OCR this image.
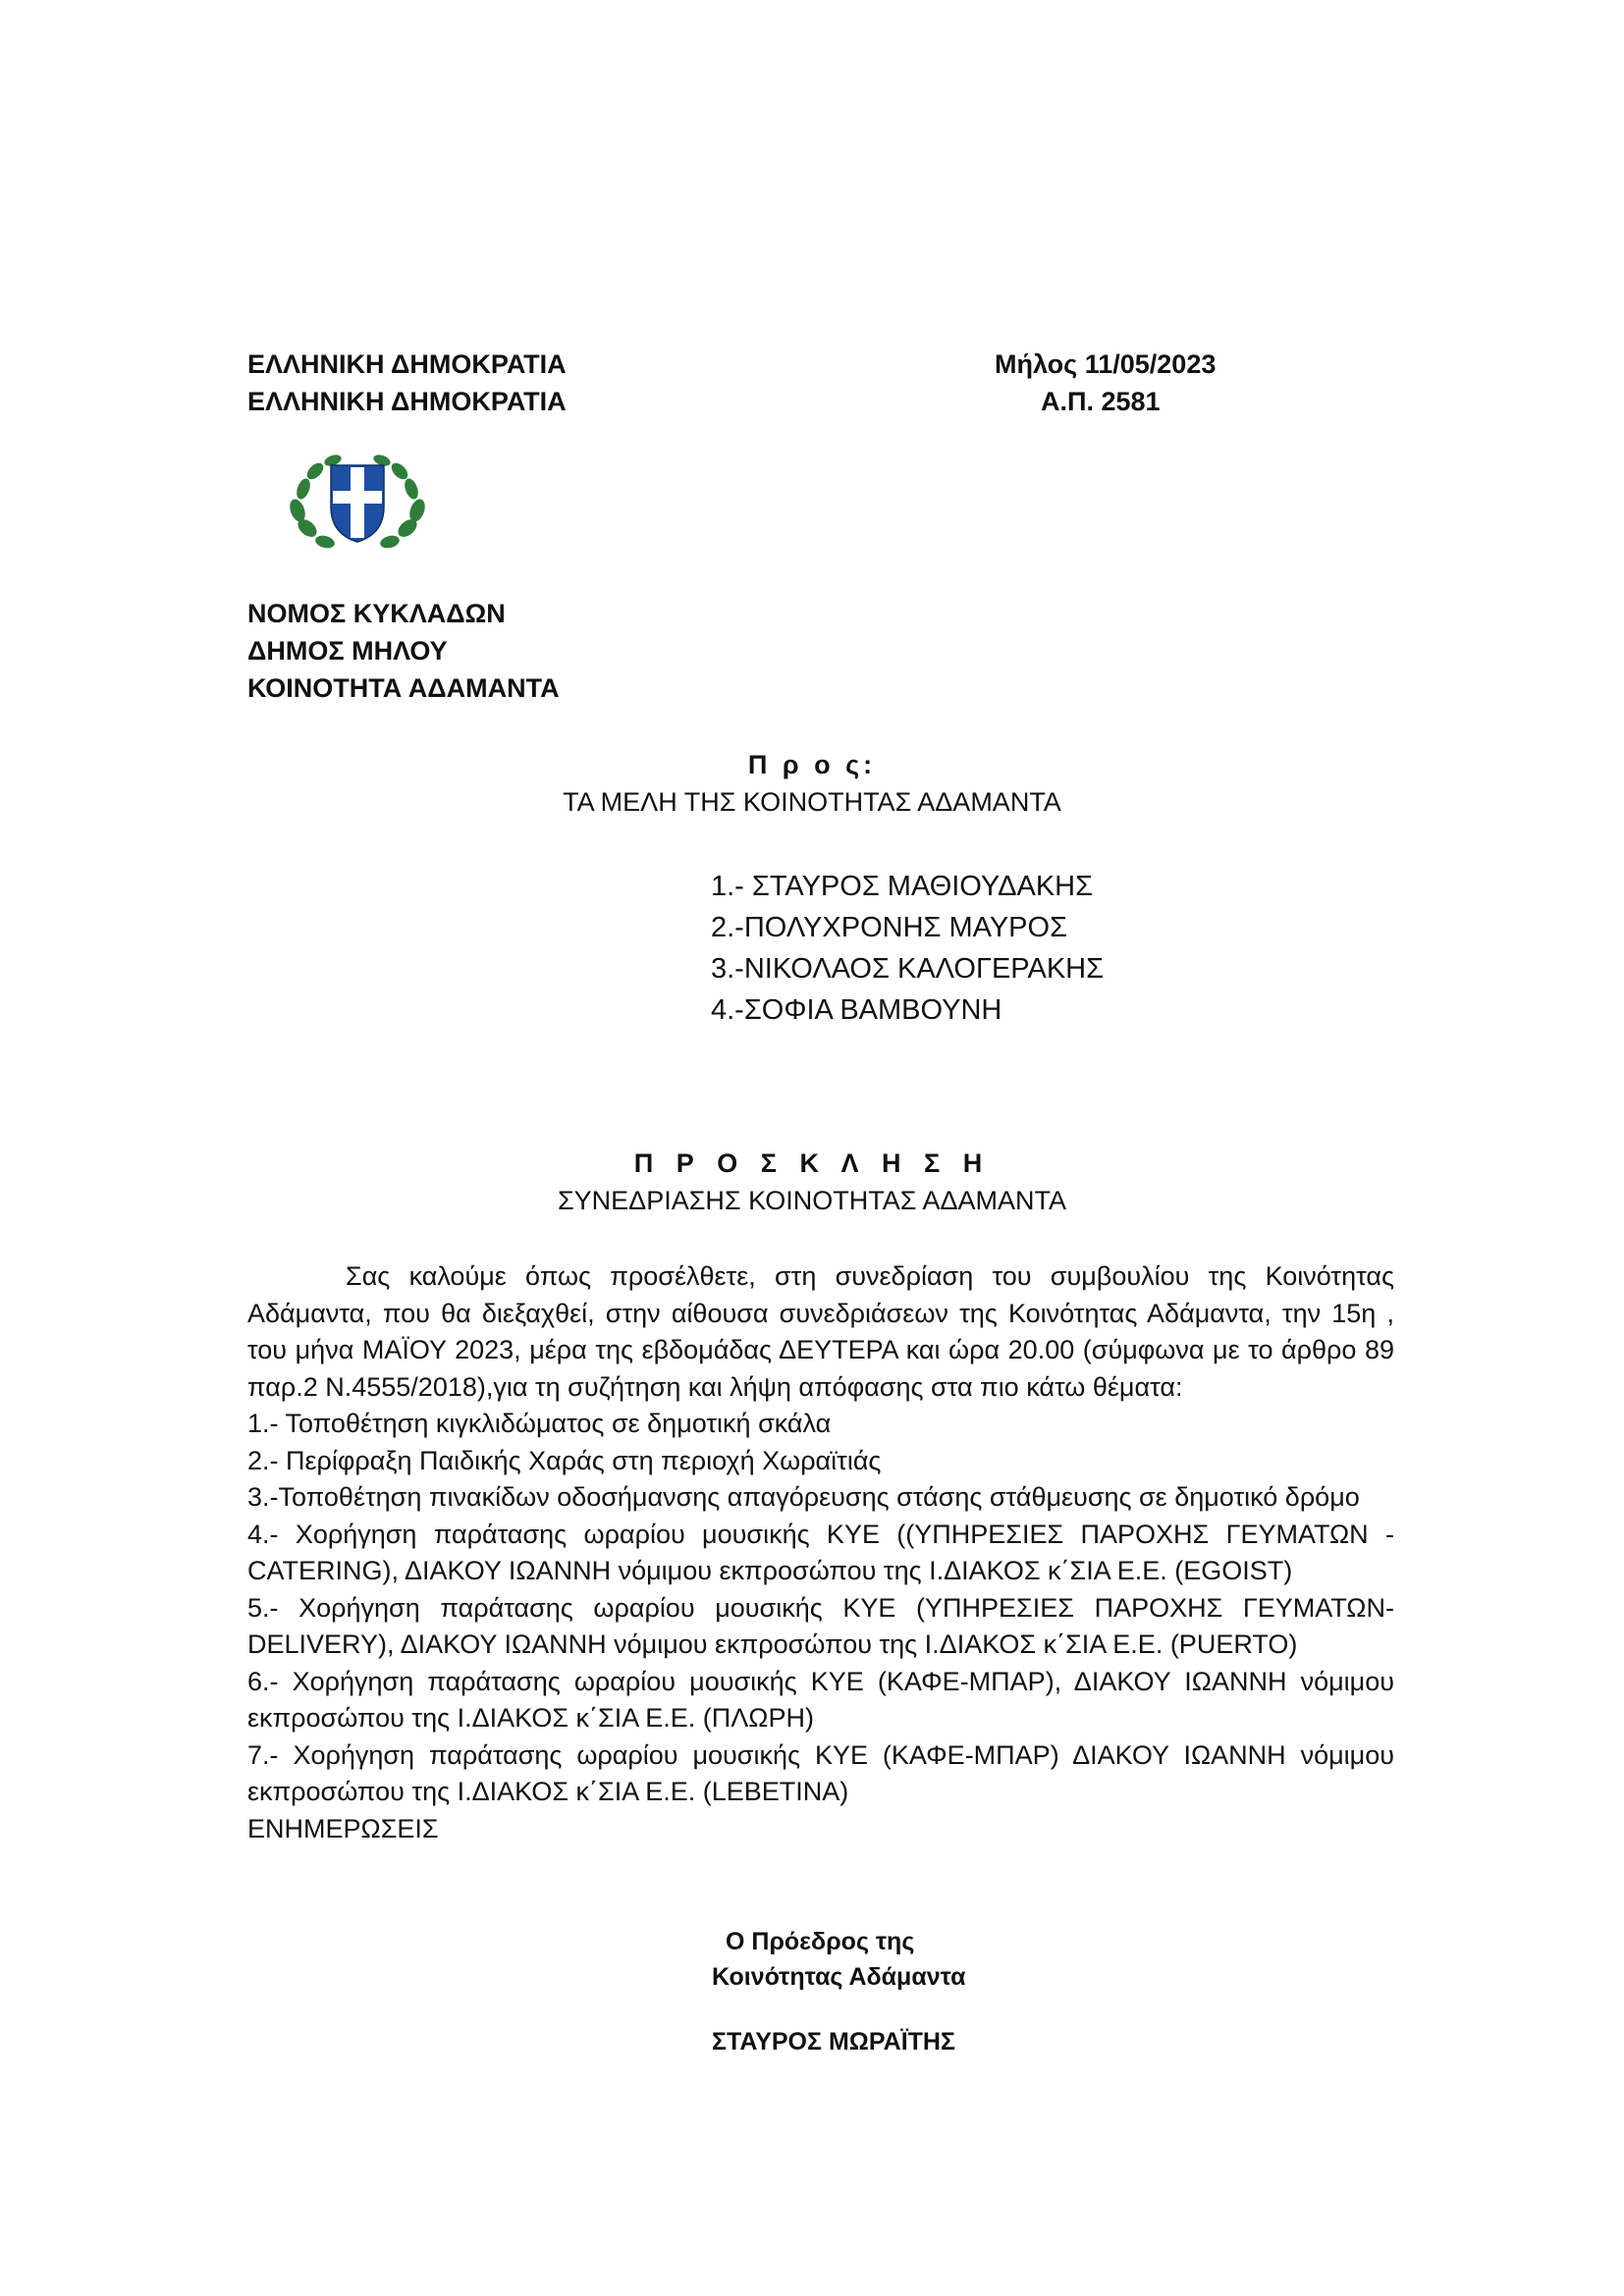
ΕΛΛΗΝΙΚΗ ΔΗΜΟΚΡΑΤΙΑ
ΕΛΛΗΝΙΚΗ ΔΗΜΟΚΡΑΤΙΑ
Μήλος 11/05/2023
Α.Π. 2581
ΝΟΜΟΣ ΚΥΚΛΑΔΩΝ
ΔΗΜΟΣ ΜΗΛΟΥ
ΚΟΙΝΟΤΗΤΑ ΑΔΑΜΑΝΤΑ
Π ρ ο ς:
ΤΑ ΜΕΛΗ ΤΗΣ ΚΟΙΝΟΤΗΤΑΣ ΑΔΑΜΑΝΤΑ
1.- ΣΤΑΥΡΟΣ ΜΑΘΙΟΥΔΑΚΗΣ
2.-ΠΟΛΥΧΡΟΝΗΣ ΜΑΥΡΟΣ
3.-ΝΙΚΟΛΑΟΣ ΚΑΛΟΓΕΡΑΚΗΣ
4.-ΣΟΦΙΑ ΒΑΜΒΟΥΝΗ
Π Ρ Ο Σ Κ Λ Η Σ Η
ΣΥΝΕΔΡΙΑΣΗΣ ΚΟΙΝΟΤΗΤΑΣ ΑΔΑΜΑΝΤΑ

Σας καλούμε όπως προσέλθετε, στη συνεδρίαση του συμβουλίου της Κοινότητας Αδάμαντα, που θα διεξαχθεί, στην αίθουσα συνεδριάσεων της Κοινότητας Αδάμαντα, την 15η , του μήνα ΜΑΪΟΥ 2023, μέρα της εβδομάδας ΔΕΥΤΕΡΑ και ώρα 20.00 (σύμφωνα με το άρθρο 89 παρ.2 Ν.4555/2018),για τη συζήτηση και λήψη απόφασης στα πιο κάτω θέματα:

1.- Τοποθέτηση κιγκλιδώματος σε δημοτική σκάλα

2.- Περίφραξη Παιδικής Χαράς στη περιοχή Χωραϊτιάς

3.-Τοποθέτηση πινακίδων οδοσήμανσης απαγόρευσης στάσης στάθμευσης σε δημοτικό δρόμο

4.- Χορήγηση παράτασης ωραρίου μουσικής ΚΥΕ ((ΥΠΗΡΕΣΙΕΣ ΠΑΡΟΧΗΣ ΓΕΥΜΑΤΩΝ - CATERING), ΔΙΑΚΟΥ ΙΩΑΝΝΗ νόμιμου εκπροσώπου της Ι.ΔΙΑΚΟΣ κ΄ΣΙΑ Ε.Ε. (EGOIST)

5.- Χορήγηση παράτασης ωραρίου μουσικής ΚΥΕ (ΥΠΗΡΕΣΙΕΣ ΠΑΡΟΧΗΣ ΓΕΥΜΑΤΩΝ-DELIVERY), ΔΙΑΚΟΥ ΙΩΑΝΝΗ νόμιμου εκπροσώπου της Ι.ΔΙΑΚΟΣ κ΄ΣΙΑ Ε.Ε. (PUERTO)

6.- Χορήγηση παράτασης ωραρίου μουσικής ΚΥΕ (ΚΑΦΕ-ΜΠΑΡ), ΔΙΑΚΟΥ ΙΩΑΝΝΗ νόμιμου εκπροσώπου της Ι.ΔΙΑΚΟΣ κ΄ΣΙΑ Ε.Ε. (ΠΛΩΡΗ)

7.- Χορήγηση παράτασης ωραρίου μουσικής ΚΥΕ (ΚΑΦΕ-ΜΠΑΡ) ΔΙΑΚΟΥ ΙΩΑΝΝΗ νόμιμου εκπροσώπου της Ι.ΔΙΑΚΟΣ κ΄ΣΙΑ Ε.Ε. (LEBETINA)

ΕΝΗΜΕΡΩΣΕΙΣ

Ο Πρόεδρος της
Κοινότητας Αδάμαντα
ΣΤΑΥΡΟΣ ΜΩΡΑΪΤΗΣ
